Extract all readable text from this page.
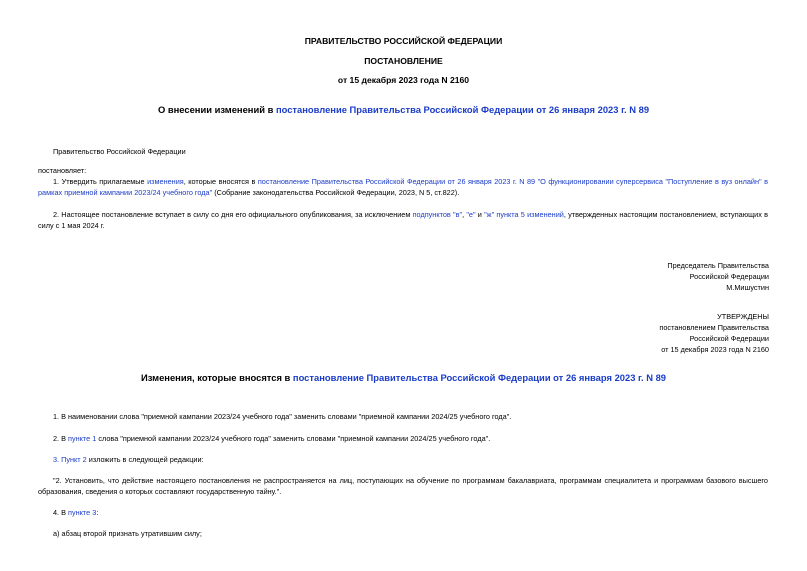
ПРАВИТЕЛЬСТВО РОССИЙСКОЙ ФЕДЕРАЦИИ
ПОСТАНОВЛЕНИЕ
от 15 декабря 2023 года N 2160
О внесении изменений в постановление Правительства Российской Федерации от 26 января 2023 г. N 89
Правительство Российской Федерации
постановляет:
1. Утвердить прилагаемые изменения, которые вносятся в постановление Правительства Российской Федерации от 26 января 2023 г. N 89 "О функционировании суперсервиса "Поступление в вуз онлайн" в рамках приемной кампании 2023/24 учебного года" (Собрание законодательства Российской Федерации, 2023, N 5, ст.822).
2. Настоящее постановление вступает в силу со дня его официального опубликования, за исключением подпунктов "в", "е" и "ж" пункта 5 изменений, утвержденных настоящим постановлением, вступающих в силу с 1 мая 2024 г.
Председатель Правительства
Российской Федерации
М.Мишустин
УТВЕРЖДЕНЫ
постановлением Правительства
Российской Федерации
от 15 декабря 2023 года N 2160
Изменения, которые вносятся в постановление Правительства Российской Федерации от 26 января 2023 г. N 89
1. В наименовании слова "приемной кампании 2023/24 учебного года" заменить словами "приемной кампании 2024/25 учебного года".
2. В пункте 1 слова "приемной кампании 2023/24 учебного года" заменить словами "приемной кампании 2024/25 учебного года".
3. Пункт 2 изложить в следующей редакции:
"2. Установить, что действие настоящего постановления не распространяется на лиц, поступающих на обучение по программам бакалавриата, программам специалитета и программам базового высшего образования, сведения о которых составляют государственную тайну.".
4. В пункте 3:
а) абзац второй признать утратившим силу;
